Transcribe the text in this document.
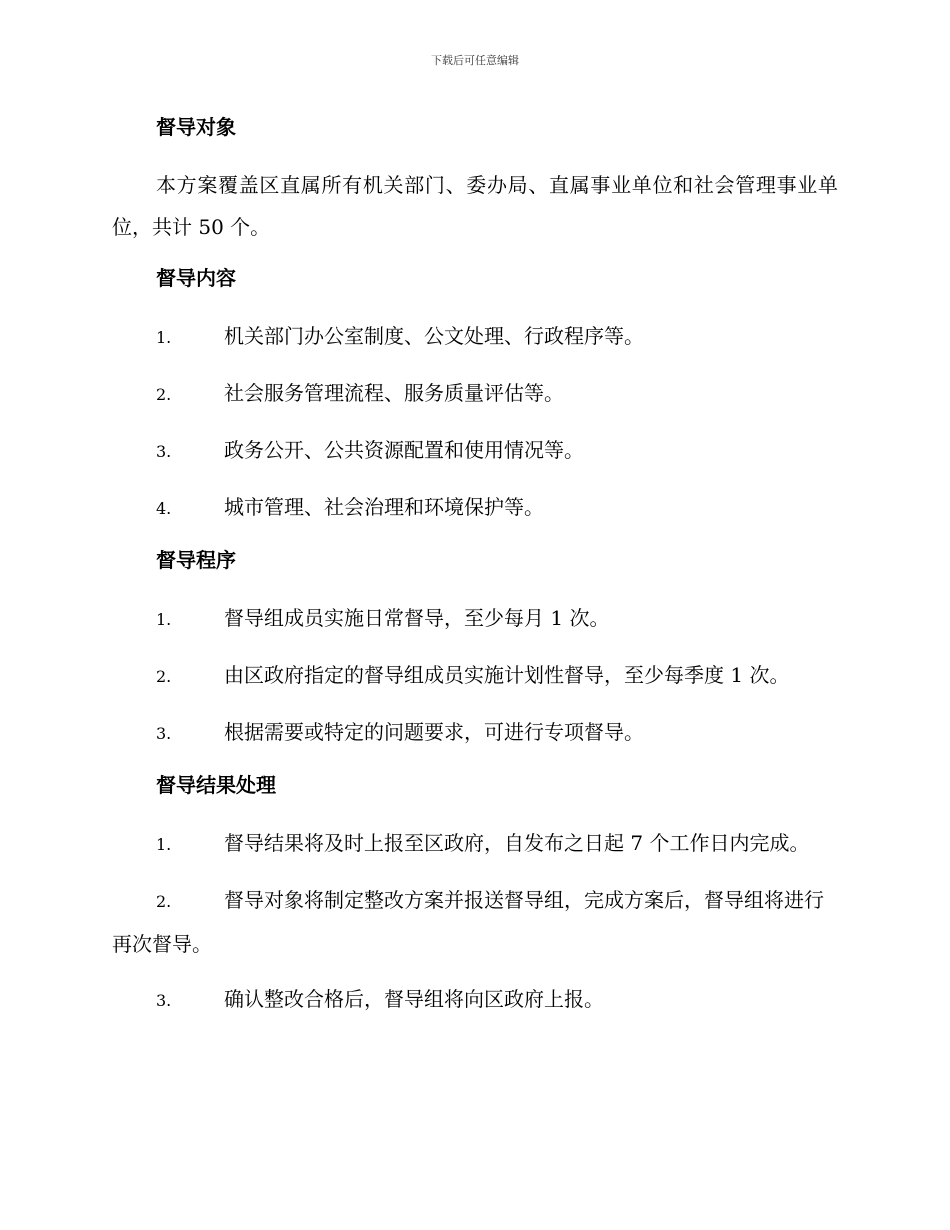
下载后可任意编辑
督导对象

本方案覆盖区直属所有机关部门、委办局、直属事业单位和社会管理事业单位，共计 50 个。

督导内容
1.	机关部门办公室制度、公文处理、行政程序等。
2.	社会服务管理流程、服务质量评估等。
3.	政务公开、公共资源配置和使用情况等。
4.	城市管理、社会治理和环境保护等。
督导程序
1.	督导组成员实施日常督导，至少每月 1 次。
2.	由区政府指定的督导组成员实施计划性督导，至少每季度 1 次。
3.	根据需要或特定的问题要求，可进行专项督导。
督导结果处理
1.	督导结果将及时上报至区政府，自发布之日起 7 个工作日内完成。
2.	督导对象将制定整改方案并报送督导组，完成方案后，督导组将进行再次督导。
3.	确认整改合格后，督导组将向区政府上报。
